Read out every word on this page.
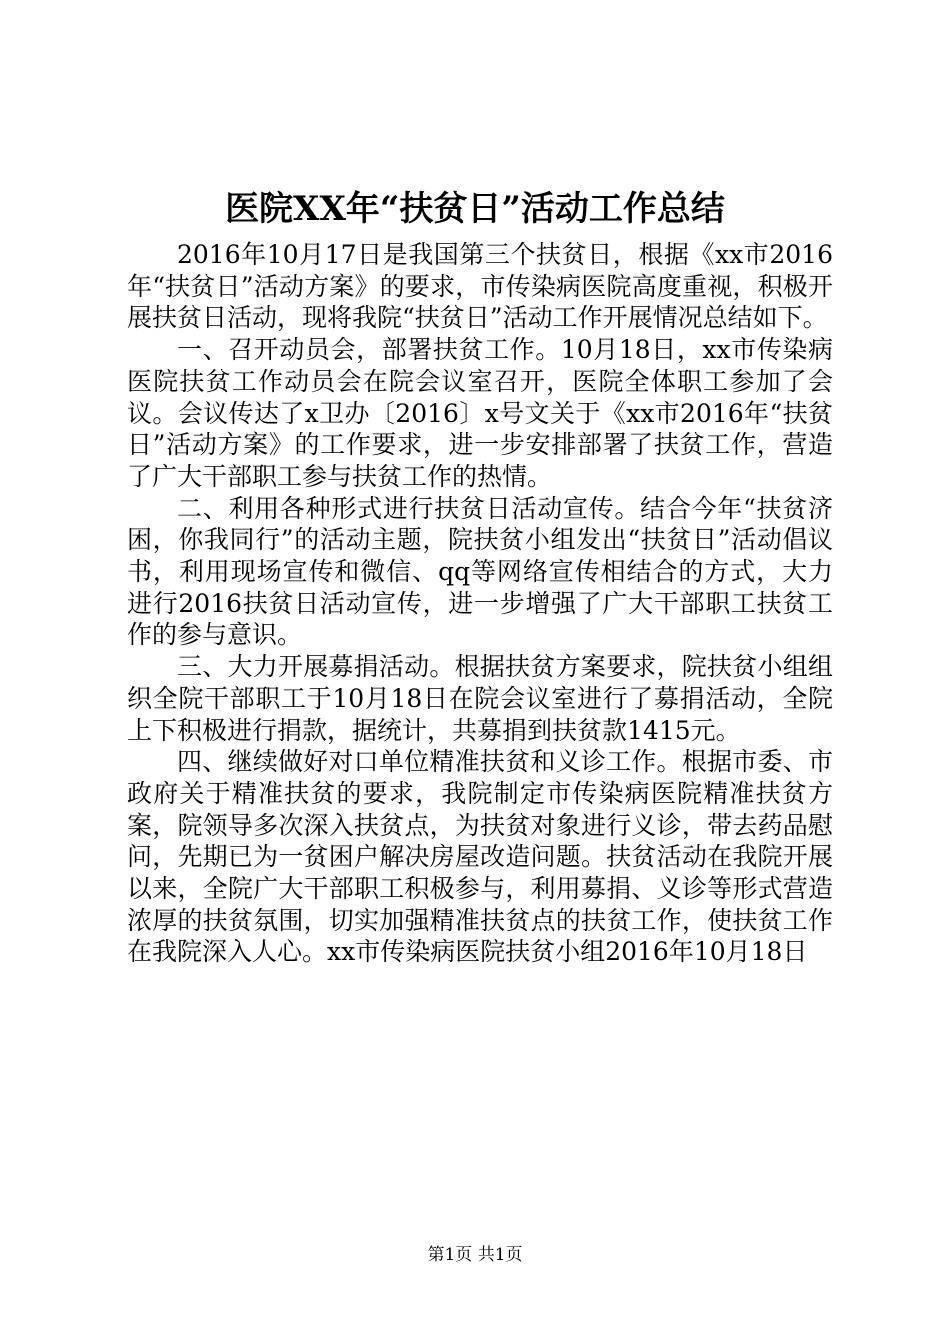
医院XX年“扶贫日”活动工作总结

2016年10月17日是我国第三个扶贫日，根据《xx市2016年“扶贫日”活动方案》的要求，市传染病医院高度重视，积极开展扶贫日活动，现将我院“扶贫日”活动工作开展情况总结如下。

一、召开动员会，部署扶贫工作。10月18日，xx市传染病医院扶贫工作动员会在院会议室召开，医院全体职工参加了会议。会议传达了x卫办〔2016〕x号文关于《xx市2016年“扶贫日”活动方案》的工作要求，进一步安排部署了扶贫工作，营造了广大干部职工参与扶贫工作的热情。

二、利用各种形式进行扶贫日活动宣传。结合今年“扶贫济困，你我同行”的活动主题，院扶贫小组发出“扶贫日”活动倡议书，利用现场宣传和微信、qq等网络宣传相结合的方式，大力进行2016扶贫日活动宣传，进一步增强了广大干部职工扶贫工作的参与意识。

三、大力开展募捐活动。根据扶贫方案要求，院扶贫小组组织全院干部职工于10月18日在院会议室进行了募捐活动，全院上下积极进行捐款，据统计，共募捐到扶贫款1415元。

四、继续做好对口单位精准扶贫和义诊工作。根据市委、市政府关于精准扶贫的要求，我院制定市传染病医院精准扶贫方案，院领导多次深入扶贫点，为扶贫对象进行义诊，带去药品慰问，先期已为一贫困户解决房屋改造问题。扶贫活动在我院开展以来，全院广大干部职工积极参与，利用募捐、义诊等形式营造浓厚的扶贫氛围，切实加强精准扶贫点的扶贫工作，使扶贫工作在我院深入人心。xx市传染病医院扶贫小组2016年10月18日

第1页 共1页
